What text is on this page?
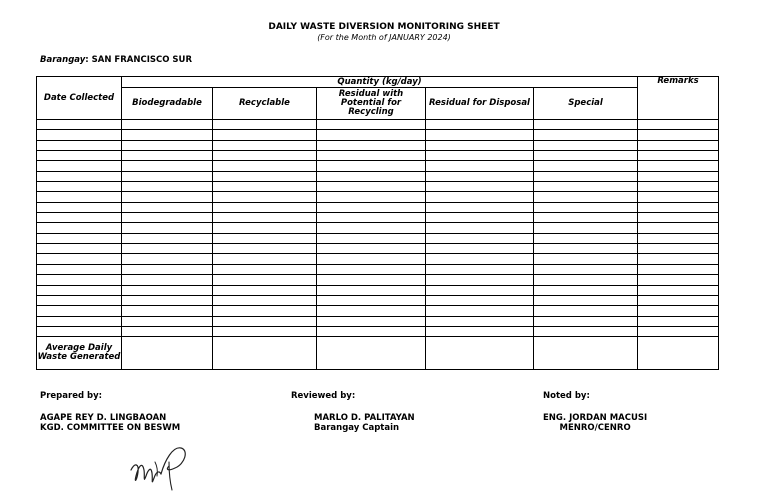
DAILY WASTE DIVERSION MONITORING SHEET
(For the Month of JANUARY 2024)
Barangay: SAN FRANCISCO SUR
Date Collected	Quantity (kg/day)					Remarks
	Biodegradable	Recyclable	Residual with Potential for Recycling	Residual for Disposal	Special	

Average Daily Waste Generated						
Prepared by:	Reviewed by:	Noted by:
AGAPE REY D. LINGBAOAN
KGD. COMMITTEE ON BESWM
MARLO D. PALITAYAN
Barangay Captain
ENG. JORDAN MACUSI
MENRO/CENRO
